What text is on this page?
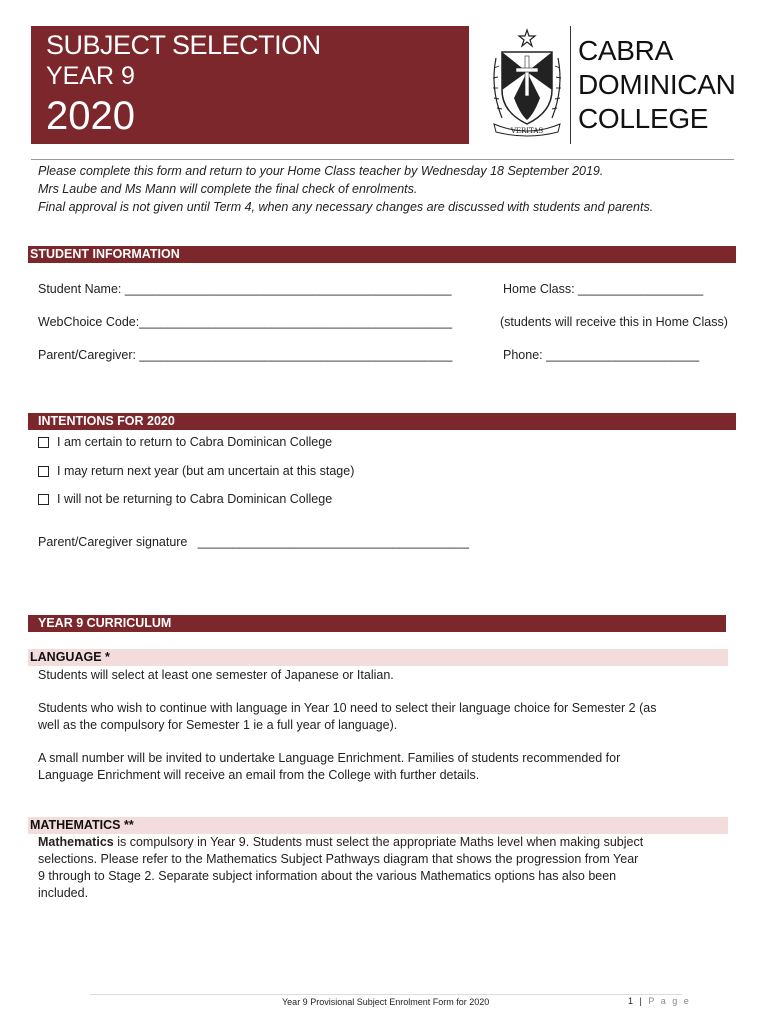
SUBJECT SELECTION
YEAR 9
2020	VERITAS
CABRA
DOMINICAN
COLLEGE
Please complete this form and return to your Home Class teacher by Wednesday 18 September 2019.
Mrs Laube and Ms Mann will complete the final check of enrolments.
Final approval is not given until Term 4, when any necessary changes are discussed with students and parents.
STUDENT INFORMATION
Student Name: _______________________________________________	Home Class: __________________
WebChoice Code:_____________________________________________	(students will receive this in Home Class)
Parent/Caregiver: _____________________________________________	Phone: ______________________
INTENTIONS FOR 2020
I am certain to return to Cabra Dominican College
I may return next year (but am uncertain at this stage)
I will not be returning to Cabra Dominican College
Parent/Caregiver signature   _______________________________________
YEAR 9 CURRICULUM
LANGUAGE *
Students will select at least one semester of Japanese or Italian.
Students who wish to continue with language in Year 10 need to select their language choice for Semester 2 (as
well as the compulsory for Semester 1 ie a full year of language).
A small number will be invited to undertake Language Enrichment. Families of students recommended for
Language Enrichment will receive an email from the College with further details.
MATHEMATICS **
Mathematics is compulsory in Year 9. Students must select the appropriate Maths level when making subject
selections. Please refer to the Mathematics Subject Pathways diagram that shows the progression from Year
9 through to Stage 2. Separate subject information about the various Mathematics options has also been
included.
Year 9 Provisional Subject Enrolment Form for 2020	1 | P a g e
